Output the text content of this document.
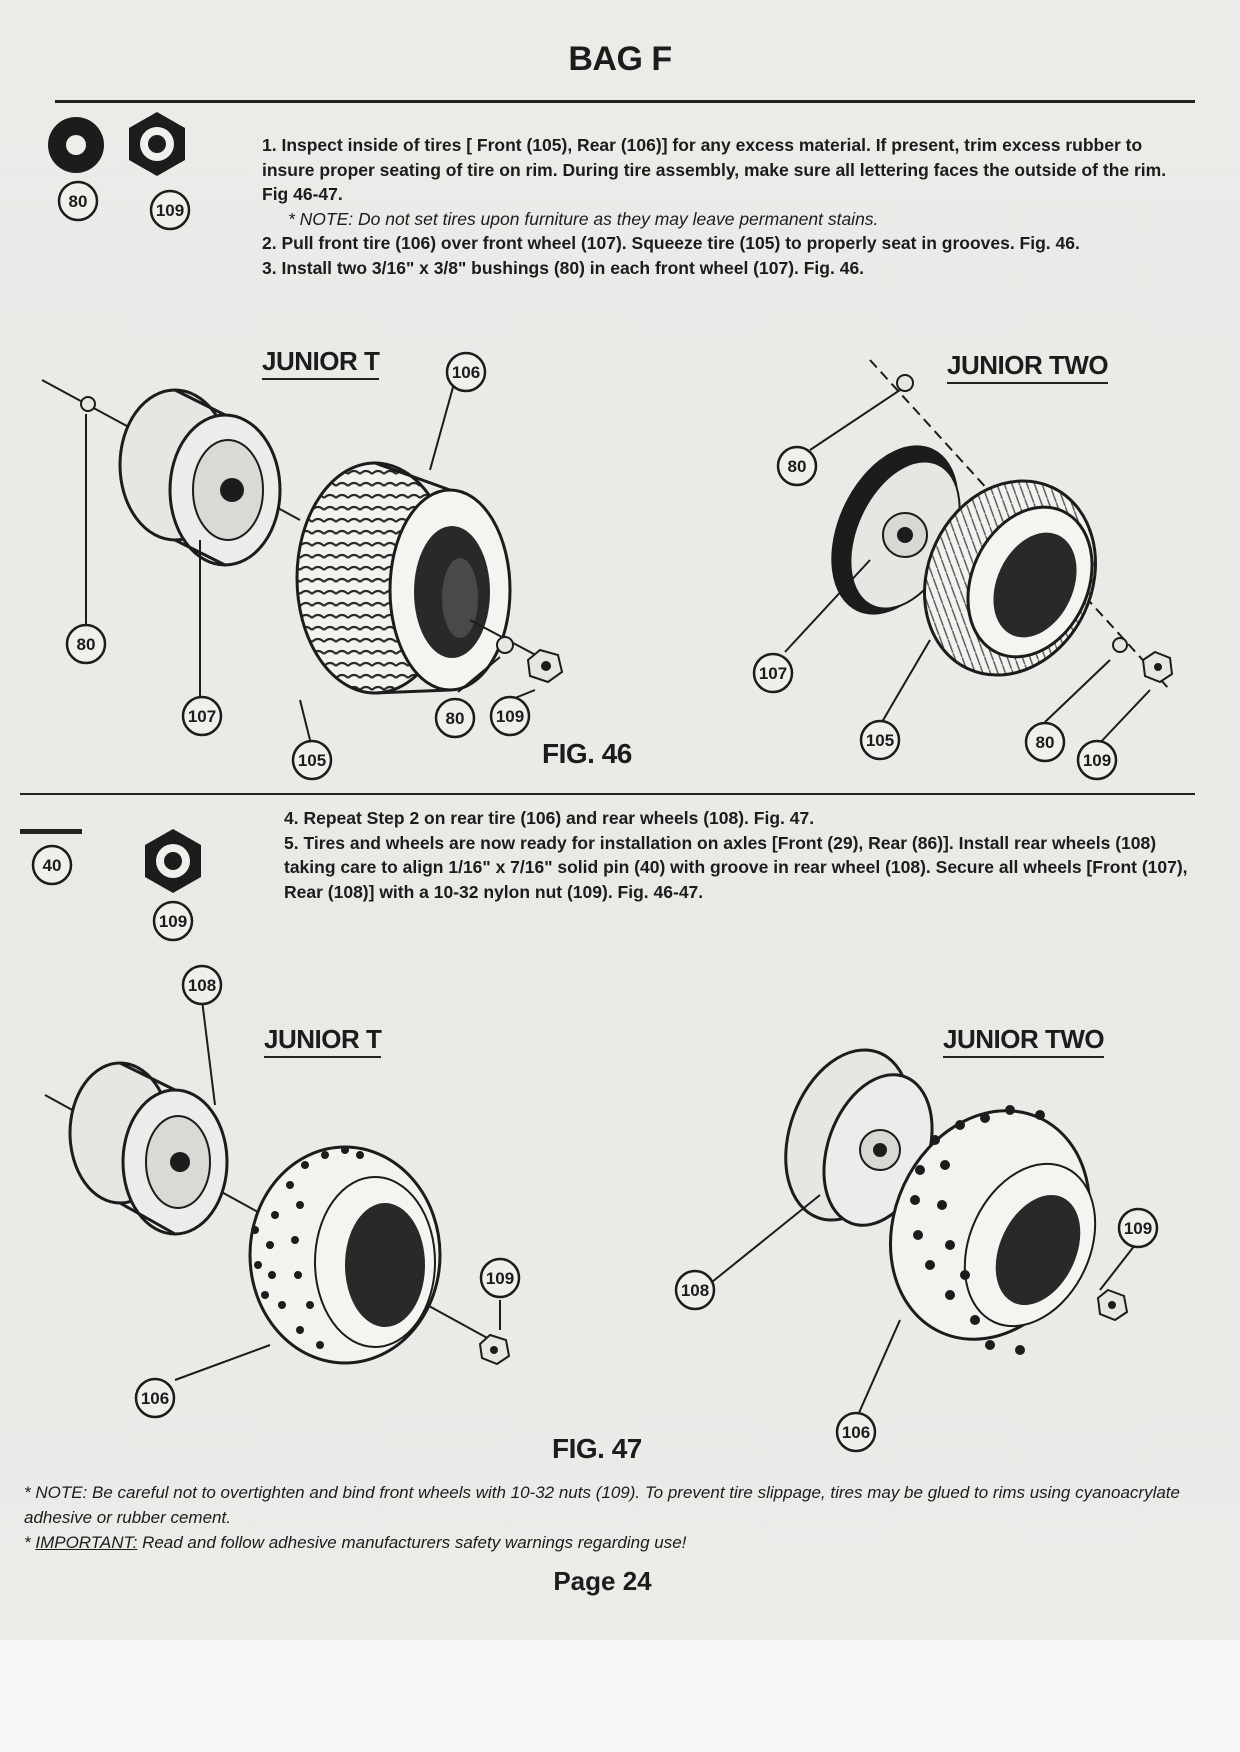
BAG F

1. Inspect inside of tires [ Front (105), Rear (106)] for any excess material. If present, trim excess rubber to insure proper seating of tire on rim. During tire assembly, make sure all lettering faces the outside of the rim. Fig 46-47.

* NOTE: Do not set tires upon furniture as they may leave permanent stains.

2. Pull front tire (106) over front wheel (107). Squeeze tire (105) to properly seat in grooves. Fig. 46.

3. Install two 3/16" x 3/8" bushings (80) in each front wheel (107). Fig. 46.

JUNIOR T	JUNIOR TWO
FIG. 46

4. Repeat Step 2 on rear tire (106) and rear wheels (108). Fig. 47.

5. Tires and wheels are now ready for installation on axles [Front (29), Rear (86)]. Install rear wheels (108) taking care to align 1/16" x 7/16" solid pin (40) with groove in rear wheel (108). Secure all wheels [Front (107), Rear (108)] with a 10-32 nylon nut (109). Fig. 46-47.

JUNIOR T	JUNIOR TWO
FIG. 47

* NOTE: Be careful not to overtighten and bind front wheels with 10-32 nuts (109). To prevent tire slippage, tires may be glued to rims using cyanoacrylate adhesive or rubber cement.

* IMPORTANT: Read and follow adhesive manufacturers safety warnings regarding use!

Page 24
80	109
106
80
107
105
80 109
80
107
105	80
109
40
109
108
109
106
108
109
106
